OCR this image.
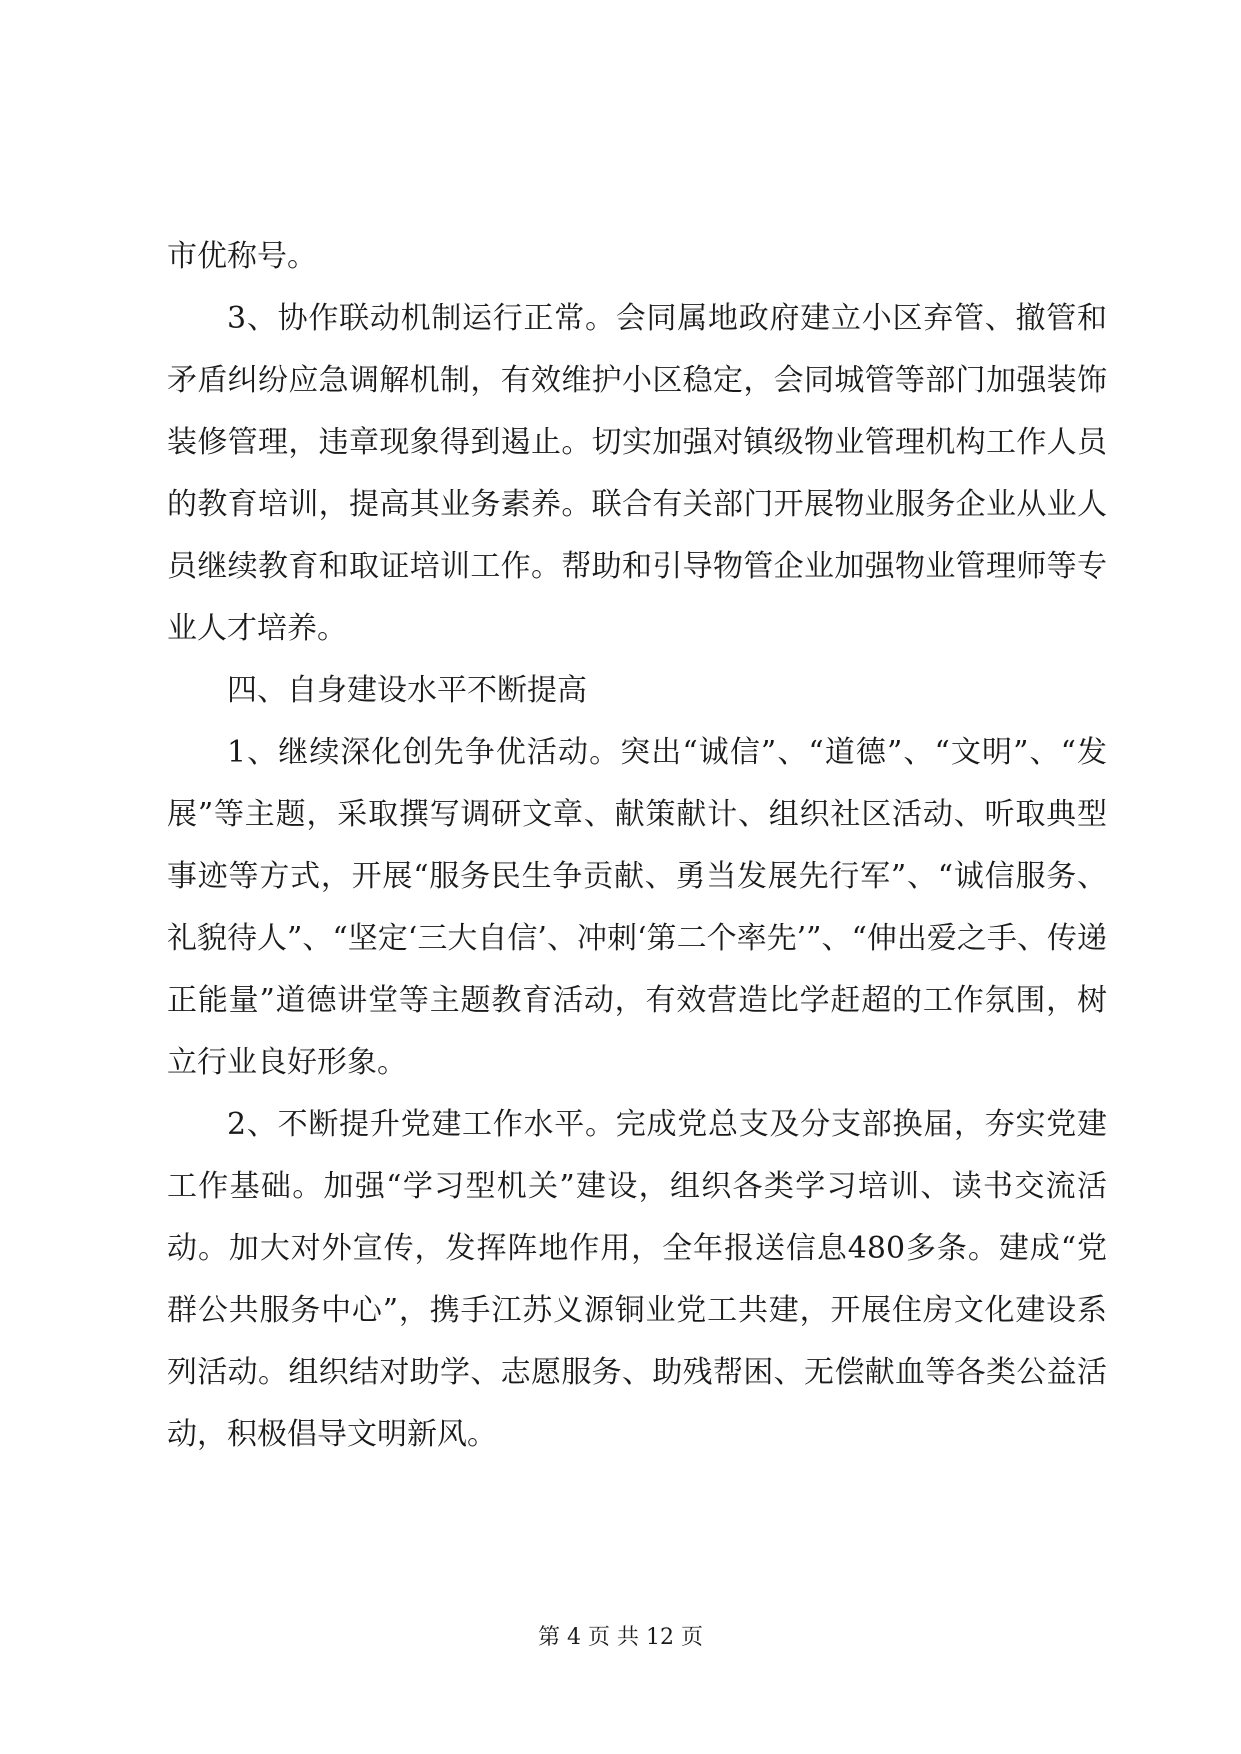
市优称号。

3、协作联动机制运行正常。会同属地政府建立小区弃管、撤管和矛盾纠纷应急调解机制，有效维护小区稳定，会同城管等部门加强装饰装修管理，违章现象得到遏止。切实加强对镇级物业管理机构工作人员的教育培训，提高其业务素养。联合有关部门开展物业服务企业从业人员继续教育和取证培训工作。帮助和引导物管企业加强物业管理师等专业人才培养。

四、自身建设水平不断提高

1、继续深化创先争优活动。突出“诚信”、“道德”、“文明”、“发展”等主题，采取撰写调研文章、献策献计、组织社区活动、听取典型事迹等方式，开展“服务民生争贡献、勇当发展先行军”、“诚信服务、礼貌待人”、“坚定‘三大自信’、冲刺‘第二个率先’”、“伸出爱之手、传递正能量”道德讲堂等主题教育活动，有效营造比学赶超的工作氛围，树立行业良好形象。

2、不断提升党建工作水平。完成党总支及分支部换届，夯实党建工作基础。加强“学习型机关”建设，组织各类学习培训、读书交流活动。加大对外宣传，发挥阵地作用，全年报送信息480多条。建成“党群公共服务中心”，携手江苏义源铜业党工共建，开展住房文化建设系列活动。组织结对助学、志愿服务、助残帮困、无偿献血等各类公益活动，积极倡导文明新风。

第 4 页 共 12 页
